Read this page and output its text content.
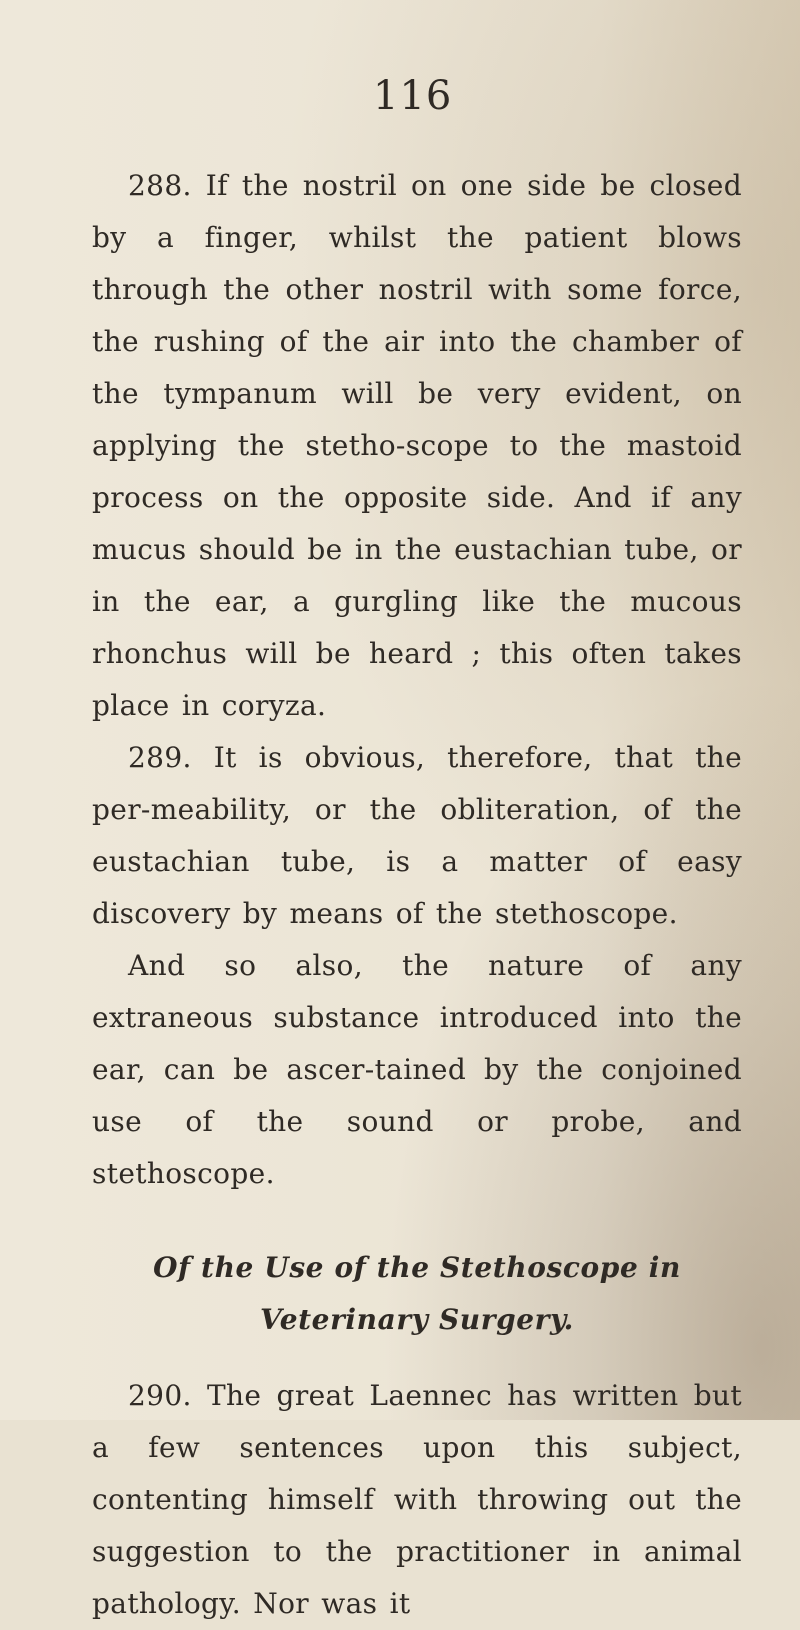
116

288. If the nostril on one side be closed by a finger, whilst the patient blows through the other nostril with some force, the rushing of the air into the chamber of the tympanum will be very evident, on applying the stetho-scope to the mastoid process on the opposite side. And if any mucus should be in the eustachian tube, or in the ear, a gurgling like the mucous rhonchus will be heard ; this often takes place in coryza.

289. It is obvious, therefore, that the per-meability, or the obliteration, of the eustachian tube, is a matter of easy discovery by means of the stethoscope.

And so also, the nature of any extraneous substance introduced into the ear, can be ascer-tained by the conjoined use of the sound or probe, and stethoscope.

Of the Use of the Stethoscope in Veterinary Surgery.

290. The great Laennec has written but a few sentences upon this subject, contenting himself with throwing out the suggestion to the practitioner in animal pathology. Nor was it
